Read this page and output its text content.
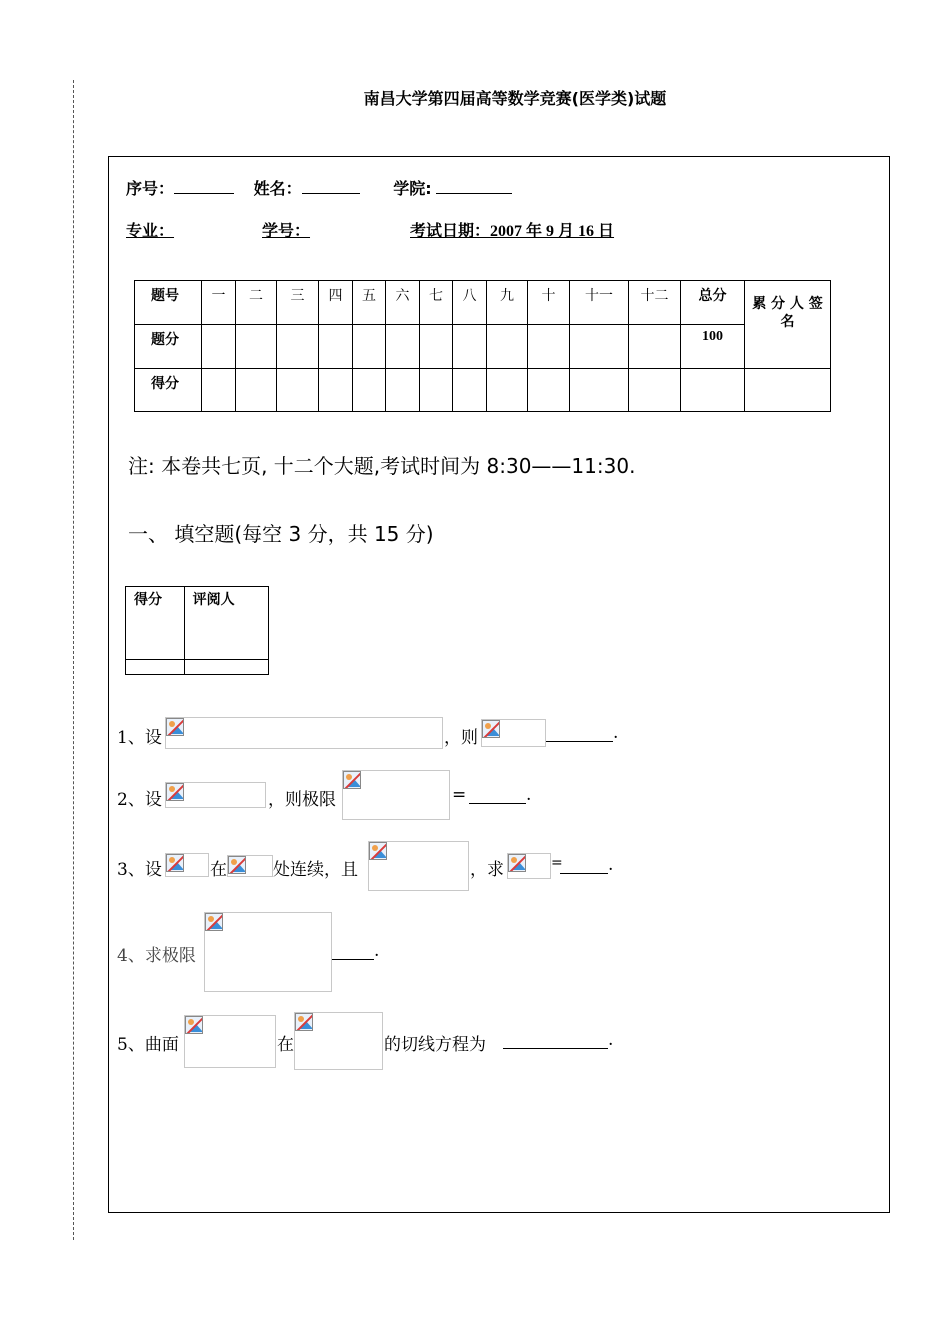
南昌大学第四届高等数学竞赛(医学类)试题
序号：	姓名：	学院:
专业：	学号：	考试日期：2007 年 9 月 16 日
题号	一	二	三	四	五	六	七	八	九	十	十一	十二	总分	累 分 人 签名
题分													100	
得分														
注: 本卷共七页, 十二个大题,考试时间为 8:30——11:30.
一、 填空题(每空 3 分，共 15 分)
得分	评阅人

1、设	，则	.
2、设	，则极限	=	.
3、设	在	处连续，且	，求	=	.
4、求极限	.
5、曲面	在	的切线方程为	.
